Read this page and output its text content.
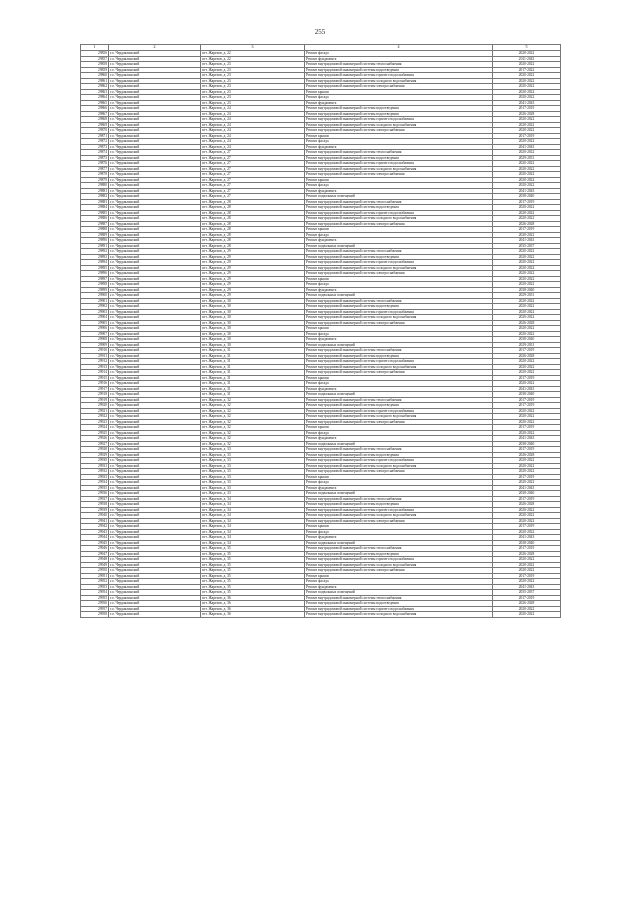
255
1	2	3	4	5
29856	г.о. Чердаклинский	пгт. Жарехов, д. 22	Ремонт фасада	2020-2022
29857	г.о. Чердаклинский	пгт. Жарехов, д. 22	Ремонт фундамента	2011-2043
29858	г.о. Чердаклинский	пгт. Жарехов, д. 23	Ремонт внутридомовой инженерной системы теплоснабжения	2020-2022
29859	г.о. Чердаклинский	пгт. Жарехов, д. 23	Ремонт внутридомовой инженерной системы водоотведения	2017-2022
29860	г.о. Чердаклинский	пгт. Жарехов, д. 23	Ремонт внутридомовой инженерной системы горячего водоснабжения	2020-2022
29861	г.о. Чердаклинский	пгт. Жарехов, д. 23	Ремонт внутридомовой инженерной системы холодного водоснабжения	2020-2022
29862	г.о. Чердаклинский	пгт. Жарехов, д. 23	Ремонт внутридомовой инженерной системы электроснабжения	2020-2022
29863	г.о. Чердаклинский	пгт. Жарехов, д. 23	Ремонт крыши	2020-2022
29864	г.о. Чердаклинский	пгт. Жарехов, д. 23	Ремонт фасада	2020-2022
29865	г.о. Чердаклинский	пгт. Жарехов, д. 23	Ремонт фундамента	2041-2043
29866	г.о. Чердаклинский	пгт. Жарехов, д. 24	Ремонт внутридомовой инженерной системы водоотведения	2017-2019
29867	г.о. Чердаклинский	пгт. Жарехов, д. 24	Ремонт внутридомовой инженерной системы водоотведения	2026-2028
29868	г.о. Чердаклинский	пгт. Жарехов, д. 24	Ремонт внутридомовой инженерной системы горячего водоснабжения	2020-2022
29869	г.о. Чердаклинский	пгт. Жарехов, д. 24	Ремонт внутридомовой инженерной системы холодного водоснабжения	2020-2022
29870	г.о. Чердаклинский	пгт. Жарехов, д. 24	Ремонт внутридомовой инженерной системы электроснабжения	2020-2022
29871	г.о. Чердаклинский	пгт. Жарехов, д. 24	Ремонт крыши	2017-2019
29872	г.о. Чердаклинский	пгт. Жарехов, д. 24	Ремонт фасада	2020-2022
29873	г.о. Чердаклинский	пгт. Жарехов, д. 24	Ремонт фундамента	2041-2043
29874	г.о. Чердаклинский	пгт. Жарехов, д. 27	Ремонт внутридомовой инженерной системы теплоснабжения	2020-2022
29875	г.о. Чердаклинский	пгт. Жарехов, д. 27	Ремонт внутридомовой инженерной системы водоотведения	2029-2031
29876	г.о. Чердаклинский	пгт. Жарехов, д. 27	Ремонт внутридомовой инженерной системы горячего водоснабжения	2020-2022
29877	г.о. Чердаклинский	пгт. Жарехов, д. 27	Ремонт внутридомовой инженерной системы холодного водоснабжения	2020-2022
29878	г.о. Чердаклинский	пгт. Жарехов, д. 27	Ремонт внутридомовой инженерной системы электроснабжения	2020-2022
29879	г.о. Чердаклинский	пгт. Жарехов, д. 27	Ремонт крыши	2020-2022
29880	г.о. Чердаклинский	пгт. Жарехов, д. 27	Ремонт фасада	2020-2022
29881	г.о. Чердаклинский	пгт. Жарехов, д. 27	Ремонт фундамента	2041-2043
29882	г.о. Чердаклинский	пгт. Жарехов, д. 27	Ремонт подвальных помещений	2038-2040
29883	г.о. Чердаклинский	пгт. Жарехов, д. 28	Ремонт внутридомовой инженерной системы теплоснабжения	2017-2019
29884	г.о. Чердаклинский	пгт. Жарехов, д. 28	Ремонт внутридомовой инженерной системы водоотведения	2020-2022
29885	г.о. Чердаклинский	пгт. Жарехов, д. 28	Ремонт внутридомовой инженерной системы горячего водоснабжения	2020-2022
29886	г.о. Чердаклинский	пгт. Жарехов, д. 28	Ремонт внутридомовой инженерной системы холодного водоснабжения	2020-2022
29887	г.о. Чердаклинский	пгт. Жарехов, д. 28	Ремонт внутридомовой инженерной системы электроснабжения	2026-2028
29888	г.о. Чердаклинский	пгт. Жарехов, д. 28	Ремонт крыши	2017-2019
29889	г.о. Чердаклинский	пгт. Жарехов, д. 28	Ремонт фасада	2020-2022
29890	г.о. Чердаклинский	пгт. Жарехов, д. 28	Ремонт фундамента	2041-2043
29891	г.о. Чердаклинский	пгт. Жарехов, д. 28	Ремонт подвальных помещений	2035-2037
29892	г.о. Чердаклинский	пгт. Жарехов, д. 29	Ремонт внутридомовой инженерной системы теплоснабжения	2020-2022
29893	г.о. Чердаклинский	пгт. Жарехов, д. 29	Ремонт внутридомовой инженерной системы водоотведения	2020-2022
29894	г.о. Чердаклинский	пгт. Жарехов, д. 29	Ремонт внутридомовой инженерной системы горячего водоснабжения	2020-2022
29895	г.о. Чердаклинский	пгт. Жарехов, д. 29	Ремонт внутридомовой инженерной системы холодного водоснабжения	2020-2022
29896	г.о. Чердаклинский	пгт. Жарехов, д. 29	Ремонт внутридомовой инженерной системы электроснабжения	2020-2022
29897	г.о. Чердаклинский	пгт. Жарехов, д. 29	Ремонт крыши	2020-2022
29898	г.о. Чердаклинский	пгт. Жарехов, д. 29	Ремонт фасада	2020-2022
29899	г.о. Чердаклинский	пгт. Жарехов, д. 29	Ремонт фундамента	2038-2040
29900	г.о. Чердаклинский	пгт. Жарехов, д. 29	Ремонт подвальных помещений	2029-2031
29901	г.о. Чердаклинский	пгт. Жарехов, д. 30	Ремонт внутридомовой инженерной системы теплоснабжения	2020-2022
29902	г.о. Чердаклинский	пгт. Жарехов, д. 30	Ремонт внутридомовой инженерной системы водоотведения	2020-2022
29903	г.о. Чердаклинский	пгт. Жарехов, д. 30	Ремонт внутридомовой инженерной системы горячего водоснабжения	2020-2022
29904	г.о. Чердаклинский	пгт. Жарехов, д. 30	Ремонт внутридомовой инженерной системы холодного водоснабжения	2020-2022
29905	г.о. Чердаклинский	пгт. Жарехов, д. 30	Ремонт внутридомовой инженерной системы электроснабжения	2026-2028
29906	г.о. Чердаклинский	пгт. Жарехов, д. 30	Ремонт крыши	2020-2022
29907	г.о. Чердаклинский	пгт. Жарехов, д. 30	Ремонт фасада	2020-2022
29908	г.о. Чердаклинский	пгт. Жарехов, д. 30	Ремонт фундамента	2038-2040
29909	г.о. Чердаклинский	пгт. Жарехов, д. 30	Ремонт подвальных помещений	2029-2031
29910	г.о. Чердаклинский	пгт. Жарехов, д. 31	Ремонт внутридомовой инженерной системы теплоснабжения	2017-2019
29911	г.о. Чердаклинский	пгт. Жарехов, д. 31	Ремонт внутридомовой инженерной системы водоотведения	2026-2028
29912	г.о. Чердаклинский	пгт. Жарехов, д. 31	Ремонт внутридомовой инженерной системы горячего водоснабжения	2020-2022
29913	г.о. Чердаклинский	пгт. Жарехов, д. 31	Ремонт внутридомовой инженерной системы холодного водоснабжения	2020-2022
29914	г.о. Чердаклинский	пгт. Жарехов, д. 31	Ремонт внутридомовой инженерной системы электроснабжения	2020-2022
29915	г.о. Чердаклинский	пгт. Жарехов, д. 31	Ремонт крыши	2017-2019
29916	г.о. Чердаклинский	пгт. Жарехов, д. 31	Ремонт фасада	2020-2022
29917	г.о. Чердаклинский	пгт. Жарехов, д. 31	Ремонт фундамента	2041-2043
29918	г.о. Чердаклинский	пгт. Жарехов, д. 31	Ремонт подвальных помещений	2038-2040
29919	г.о. Чердаклинский	пгт. Жарехов, д. 32	Ремонт внутридомовой инженерной системы теплоснабжения	2017-2019
29920	г.о. Чердаклинский	пгт. Жарехов, д. 32	Ремонт внутридомовой инженерной системы водоотведения	2017-2019
29921	г.о. Чердаклинский	пгт. Жарехов, д. 32	Ремонт внутридомовой инженерной системы горячего водоснабжения	2020-2022
29922	г.о. Чердаклинский	пгт. Жарехов, д. 32	Ремонт внутридомовой инженерной системы холодного водоснабжения	2020-2022
29923	г.о. Чердаклинский	пгт. Жарехов, д. 32	Ремонт внутридомовой инженерной системы электроснабжения	2020-2022
29924	г.о. Чердаклинский	пгт. Жарехов, д. 32	Ремонт крыши	2017-2019
29925	г.о. Чердаклинский	пгт. Жарехов, д. 32	Ремонт фасада	2020-2022
29926	г.о. Чердаклинский	пгт. Жарехов, д. 32	Ремонт фундамента	2041-2043
29927	г.о. Чердаклинский	пгт. Жарехов, д. 32	Ремонт подвальных помещений	2038-2040
29928	г.о. Чердаклинский	пгт. Жарехов, д. 33	Ремонт внутридомовой инженерной системы теплоснабжения	2017-2019
29929	г.о. Чердаклинский	пгт. Жарехов, д. 33	Ремонт внутридомовой инженерной системы водоотведения	2026-2028
29930	г.о. Чердаклинский	пгт. Жарехов, д. 33	Ремонт внутридомовой инженерной системы горячего водоснабжения	2020-2022
29931	г.о. Чердаклинский	пгт. Жарехов, д. 33	Ремонт внутридомовой инженерной системы холодного водоснабжения	2020-2022
29932	г.о. Чердаклинский	пгт. Жарехов, д. 33	Ремонт внутридомовой инженерной системы электроснабжения	2020-2022
29933	г.о. Чердаклинский	пгт. Жарехов, д. 33	Ремонт крыши	2017-2019
29934	г.о. Чердаклинский	пгт. Жарехов, д. 33	Ремонт фасада	2020-2022
29935	г.о. Чердаклинский	пгт. Жарехов, д. 33	Ремонт фундамента	2041-2043
29936	г.о. Чердаклинский	пгт. Жарехов, д. 33	Ремонт подвальных помещений	2038-2040
29937	г.о. Чердаклинский	пгт. Жарехов, д. 34	Ремонт внутридомовой инженерной системы теплоснабжения	2017-2019
29938	г.о. Чердаклинский	пгт. Жарехов, д. 34	Ремонт внутридомовой инженерной системы водоотведения	2026-2028
29939	г.о. Чердаклинский	пгт. Жарехов, д. 34	Ремонт внутридомовой инженерной системы горячего водоснабжения	2020-2022
29940	г.о. Чердаклинский	пгт. Жарехов, д. 34	Ремонт внутридомовой инженерной системы холодного водоснабжения	2020-2022
29941	г.о. Чердаклинский	пгт. Жарехов, д. 34	Ремонт внутридомовой инженерной системы электроснабжения	2020-2022
29942	г.о. Чердаклинский	пгт. Жарехов, д. 34	Ремонт крыши	2017-2019
29943	г.о. Чердаклинский	пгт. Жарехов, д. 34	Ремонт фасада	2020-2022
29944	г.о. Чердаклинский	пгт. Жарехов, д. 34	Ремонт фундамента	2041-2043
29945	г.о. Чердаклинский	пгт. Жарехов, д. 34	Ремонт подвальных помещений	2038-2040
29946	г.о. Чердаклинский	пгт. Жарехов, д. 35	Ремонт внутридомовой инженерной системы теплоснабжения	2017-2019
29947	г.о. Чердаклинский	пгт. Жарехов, д. 35	Ремонт внутридомовой инженерной системы водоотведения	2026-2028
29948	г.о. Чердаклинский	пгт. Жарехов, д. 35	Ремонт внутридомовой инженерной системы горячего водоснабжения	2020-2022
29949	г.о. Чердаклинский	пгт. Жарехов, д. 35	Ремонт внутридомовой инженерной системы холодного водоснабжения	2020-2022
29950	г.о. Чердаклинский	пгт. Жарехов, д. 35	Ремонт внутридомовой инженерной системы электроснабжения	2020-2022
29951	г.о. Чердаклинский	пгт. Жарехов, д. 35	Ремонт крыши	2017-2019
29952	г.о. Чердаклинский	пгт. Жарехов, д. 35	Ремонт фасада	2020-2022
29953	г.о. Чердаклинский	пгт. Жарехов, д. 35	Ремонт фундамента	2041-2043
29954	г.о. Чердаклинский	пгт. Жарехов, д. 35	Ремонт подвальных помещений	2035-2037
29955	г.о. Чердаклинский	пгт. Жарехов, д. 36	Ремонт внутридомовой инженерной системы теплоснабжения	2017-2019
29956	г.о. Чердаклинский	пгт. Жарехов, д. 36	Ремонт внутридомовой инженерной системы водоотведения	2026-2028
29957	г.о. Чердаклинский	пгт. Жарехов, д. 36	Ремонт внутридомовой инженерной системы горячего водоснабжения	2020-2022
29958	г.о. Чердаклинский	пгт. Жарехов, д. 36	Ремонт внутридомовой инженерной системы холодного водоснабжения	2020-2022
